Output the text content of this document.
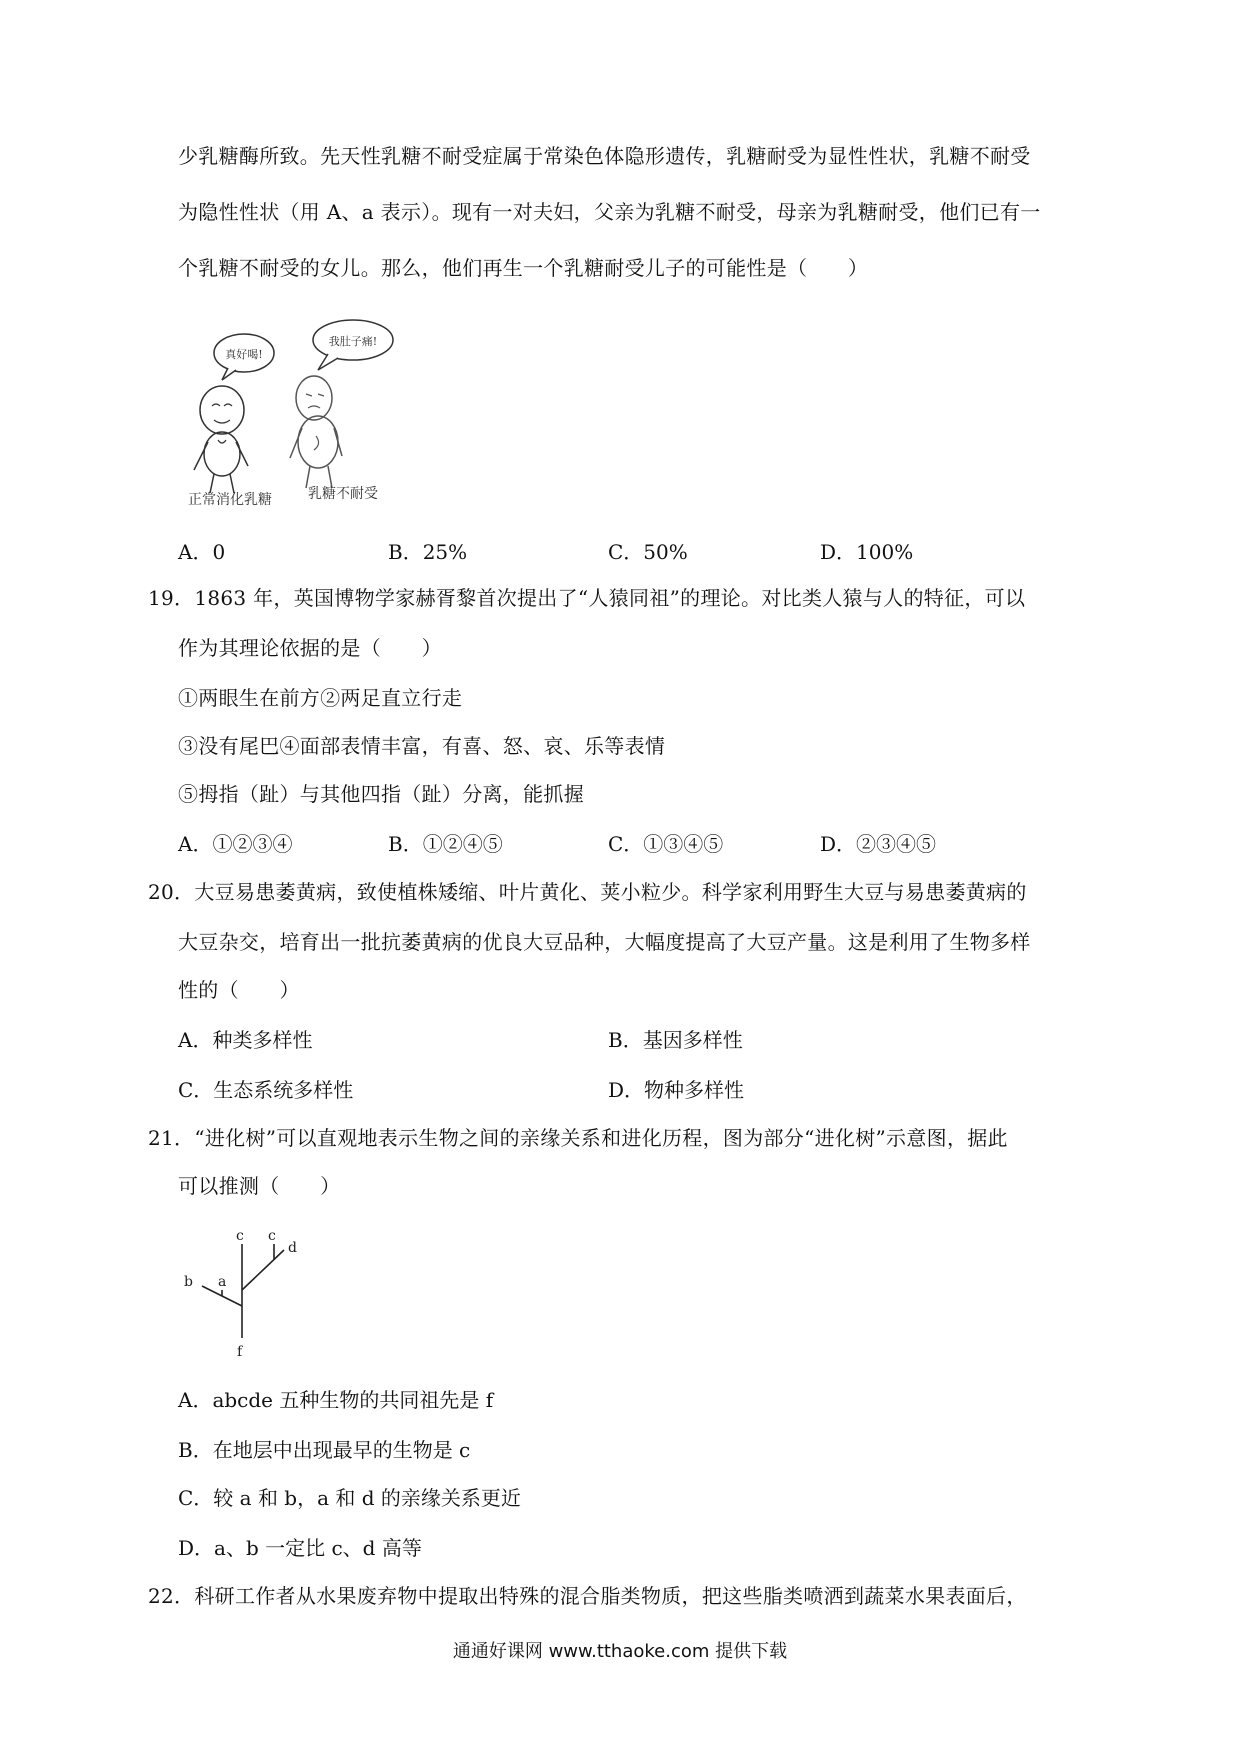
少乳糖酶所致。先天性乳糖不耐受症属于常染色体隐形遗传，乳糖耐受为显性性状，乳糖不耐受
为隐性性状（用 A、a 表示）。现有一对夫妇，父亲为乳糖不耐受，母亲为乳糖耐受，他们已有一
个乳糖不耐受的女儿。那么，他们再生一个乳糖耐受儿子的可能性是（　　）
真好喝!
我肚子痛!
正常消化乳糖	乳糖不耐受
A．0	B．25%	C．50%	D．100%
19．1863 年，英国博物学家赫胥黎首次提出了“人猿同祖”的理论。对比类人猿与人的特征，可以
作为其理论依据的是（　　）
①两眼生在前方②两足直立行走
③没有尾巴④面部表情丰富，有喜、怒、哀、乐等表情
⑤拇指（趾）与其他四指（趾）分离，能抓握
A．①②③④	B．①②④⑤	C．①③④⑤	D．②③④⑤
20．大豆易患萎黄病，致使植株矮缩、叶片黄化、荚小粒少。科学家利用野生大豆与易患萎黄病的
大豆杂交，培育出一批抗萎黄病的优良大豆品种，大幅度提高了大豆产量。这是利用了生物多样
性的（　　）
A．种类多样性	B．基因多样性
C．生态系统多样性	D．物种多样性
21．“进化树”可以直观地表示生物之间的亲缘关系和进化历程，图为部分“进化树”示意图，据此
可以推测（　　）
a
b
c c
d
f
A．abcde 五种生物的共同祖先是 f
B．在地层中出现最早的生物是 c
C．较 a 和 b，a 和 d 的亲缘关系更近
D．a、b 一定比 c、d 高等
22．科研工作者从水果废弃物中提取出特殊的混合脂类物质，把这些脂类喷洒到蔬菜水果表面后，
通通好课网 www.tthaoke.com 提供下载
